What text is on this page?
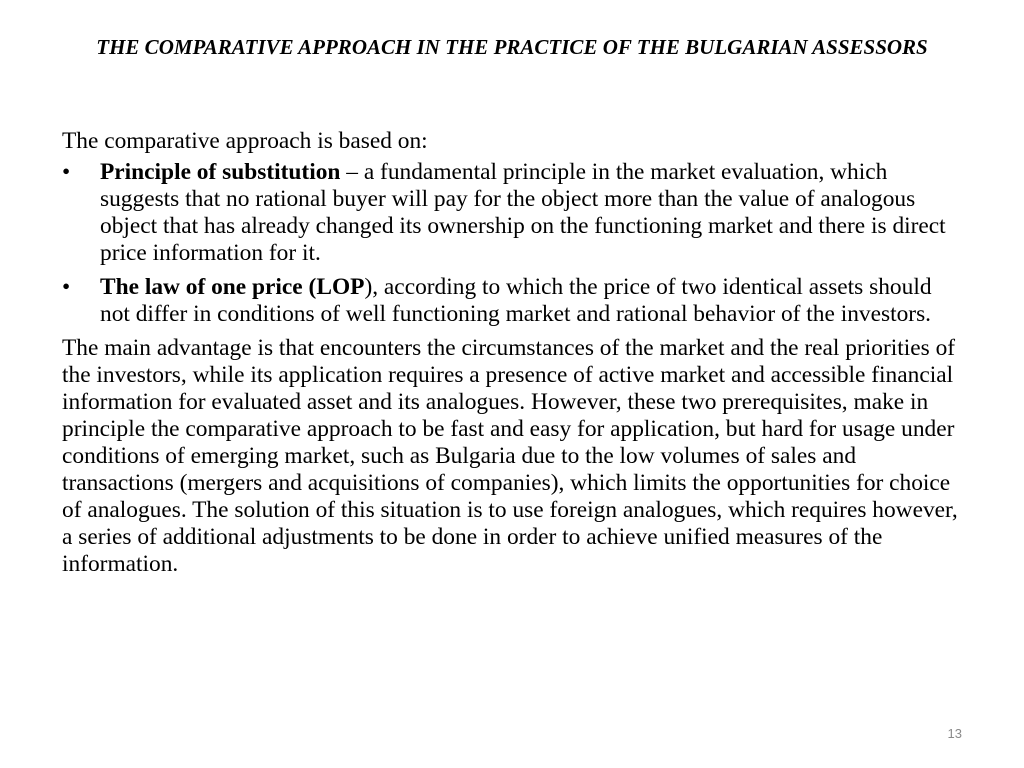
THE COMPARATIVE APPROACH IN THE PRACTICE OF THE BULGARIAN ASSESSORS

The comparative approach is based on:

•	Principle of substitution – a fundamental principle in the market evaluation, which suggests that no rational buyer will pay for the object more than the value of analogous object that has already changed its ownership on the functioning market and there is direct price information for it.
•	The law of one price (LOP), according to which the price of two identical assets should not differ in conditions of well functioning market and rational behavior of the investors.

The main advantage is that encounters the circumstances of the market and the real priorities of the investors, while its application requires a presence of active market and accessible financial information for evaluated asset and its analogues. However, these two prerequisites, make in principle the comparative approach to be fast and easy for application, but hard for usage under conditions of emerging market, such as Bulgaria due to the low volumes of sales and transactions (mergers and acquisitions of companies), which limits the opportunities for choice of analogues. The solution of this situation is to use foreign analogues, which requires however, a series of additional adjustments to be done in order to achieve unified measures of the information.

13
